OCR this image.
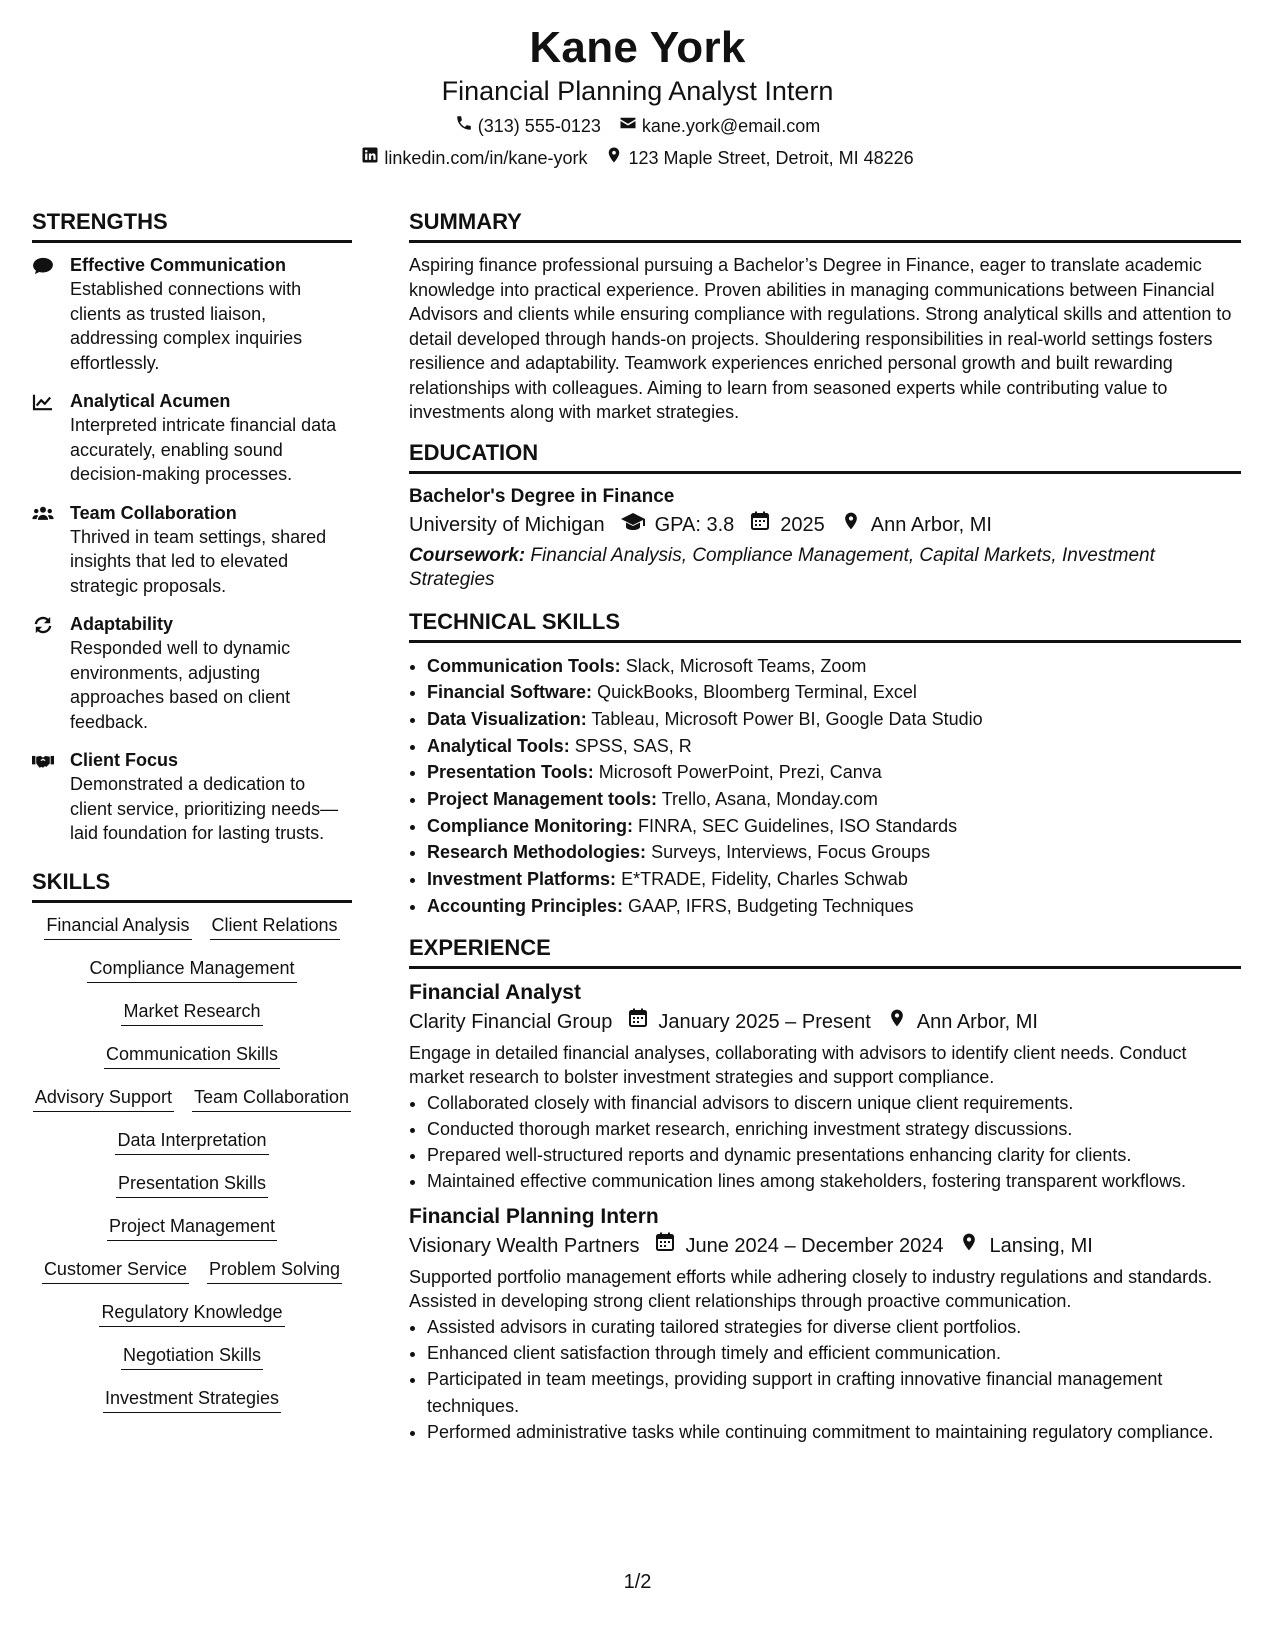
Kane York
Financial Planning Analyst Intern
(313) 555-0123 kane.york@email.com
linkedin.com/in/kane-york 123 Maple Street, Detroit, MI 48226
STRENGTHS
Effective Communication
Established connections with clients as trusted liaison, addressing complex inquiries effortlessly.
Analytical Acumen
Interpreted intricate financial data accurately, enabling sound decision-making processes.
Team Collaboration
Thrived in team settings, shared insights that led to elevated strategic proposals.
Adaptability
Responded well to dynamic environments, adjusting approaches based on client feedback.
Client Focus
Demonstrated a dedication to client service, prioritizing needs—laid foundation for lasting trusts.
SKILLS
Financial Analysis Client Relations
Compliance Management
Market Research
Communication Skills
Advisory Support Team Collaboration
Data Interpretation
Presentation Skills
Project Management
Customer Service Problem Solving
Regulatory Knowledge
Negotiation Skills
Investment Strategies
SUMMARY
Aspiring finance professional pursuing a Bachelor’s Degree in Finance, eager to translate academic knowledge into practical experience. Proven abilities in managing communications between Financial Advisors and clients while ensuring compliance with regulations. Strong analytical skills and attention to detail developed through hands-on projects. Shouldering responsibilities in real-world settings fosters resilience and adaptability. Teamwork experiences enriched personal growth and built rewarding relationships with colleagues. Aiming to learn from seasoned experts while contributing value to investments along with market strategies.
EDUCATION
Bachelor's Degree in Finance
University of Michigan	GPA: 3.8 2025 Ann Arbor, MI
Coursework: Financial Analysis, Compliance Management, Capital Markets, Investment Strategies
TECHNICAL SKILLS
• Communication Tools: Slack, Microsoft Teams, Zoom
• Financial Software: QuickBooks, Bloomberg Terminal, Excel
• Data Visualization: Tableau, Microsoft Power BI, Google Data Studio
• Analytical Tools: SPSS, SAS, R
• Presentation Tools: Microsoft PowerPoint, Prezi, Canva
• Project Management tools: Trello, Asana, Monday.com
• Compliance Monitoring: FINRA, SEC Guidelines, ISO Standards
• Research Methodologies: Surveys, Interviews, Focus Groups
• Investment Platforms: E*TRADE, Fidelity, Charles Schwab
• Accounting Principles: GAAP, IFRS, Budgeting Techniques
EXPERIENCE
Financial Analyst
Clarity Financial Group January 2025 – Present Ann Arbor, MI
Engage in detailed financial analyses, collaborating with advisors to identify client needs. Conduct market research to bolster investment strategies and support compliance.
• Collaborated closely with financial advisors to discern unique client requirements.
• Conducted thorough market research, enriching investment strategy discussions.
• Prepared well-structured reports and dynamic presentations enhancing clarity for clients.
• Maintained effective communication lines among stakeholders, fostering transparent workflows.
Financial Planning Intern
Visionary Wealth Partners June 2024 – December 2024 Lansing, MI
Supported portfolio management efforts while adhering closely to industry regulations and standards. Assisted in developing strong client relationships through proactive communication.
• Assisted advisors in curating tailored strategies for diverse client portfolios.
• Enhanced client satisfaction through timely and efficient communication.
• Participated in team meetings, providing support in crafting innovative financial management techniques.
• Performed administrative tasks while continuing commitment to maintaining regulatory compliance.
1/2
